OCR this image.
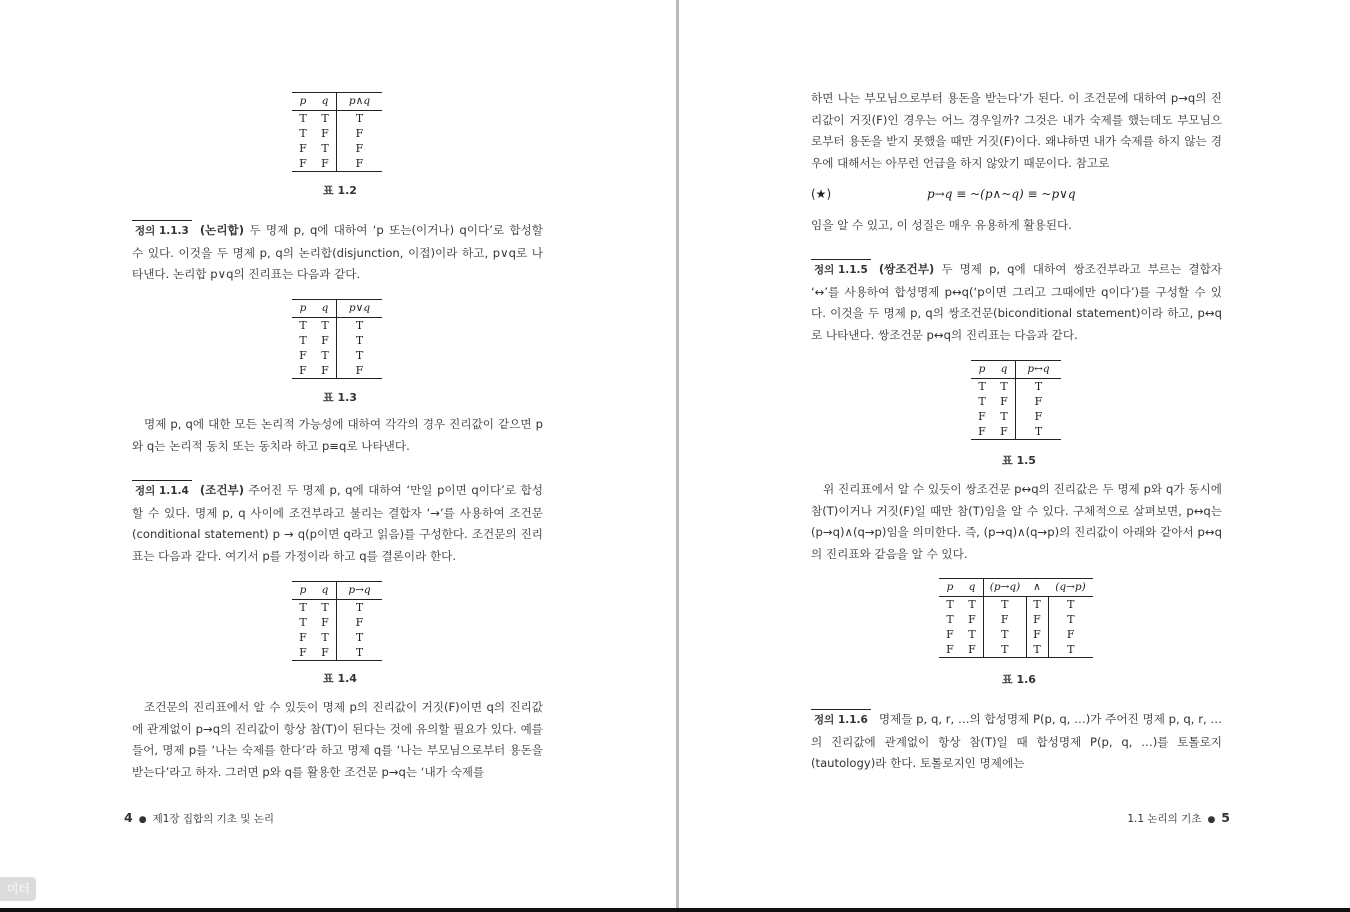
p	q	p∧q
T	T	T
T	F	F
F	T	F
F	F	F
표 1.2
정의 1.1.3 (논리합) 두 명제 p, q에 대하여 ‘p 또는(이거나) q이다’로 합성할 수 있다. 이것을 두 명제 p, q의 논리합(disjunction, 이접)이라 하고, p∨q로 나타낸다. 논리합 p∨q의 진리표는 다음과 같다.
p	q	p∨q
T	T	T
T	F	T
F	T	T
F	F	F
표 1.3
명제 p, q에 대한 모든 논리적 가능성에 대하여 각각의 경우 진리값이 같으면 p와 q는 논리적 동치 또는 동치라 하고 p≡q로 나타낸다.
정의 1.1.4 (조건부) 주어진 두 명제 p, q에 대하여 ‘만일 p이면 q이다’로 합성할 수 있다. 명제 p, q 사이에 조건부라고 불리는 결합자 ‘→’를 사용하여 조건문(conditional statement) p → q(p이면 q라고 읽음)를 구성한다. 조건문의 진리표는 다음과 같다. 여기서 p를 가정이라 하고 q를 결론이라 한다.
p	q	p→q
T	T	T
T	F	F
F	T	T
F	F	T
표 1.4
조건문의 진리표에서 알 수 있듯이 명제 p의 진리값이 거짓(F)이면 q의 진리값에 관계없이 p→q의 진리값이 항상 참(T)이 된다는 것에 유의할 필요가 있다. 예를 들어, 명제 p를 ‘나는 숙제를 한다’라 하고 명제 q를 ‘나는 부모님으로부터 용돈을 받는다’라고 하자. 그러면 p와 q를 활용한 조건문 p→q는 ‘내가 숙제를
4 ● 제1장 집합의 기초 및 논리
미터
하면 나는 부모님으로부터 용돈을 받는다’가 된다. 이 조건문에 대하여 p→q의 진리값이 거짓(F)인 경우는 어느 경우일까? 그것은 내가 숙제를 했는데도 부모님으로부터 용돈을 받지 못했을 때만 거짓(F)이다. 왜냐하면 내가 숙제를 하지 않는 경우에 대해서는 아무런 언급을 하지 않았기 때문이다. 참고로
(★)	p→q ≡ ~(p∧~q) ≡ ~p∨q
임을 알 수 있고, 이 성질은 매우 유용하게 활용된다.
정의 1.1.5 (쌍조건부) 두 명제 p, q에 대하여 쌍조건부라고 부르는 결합자 ‘↔’를 사용하여 합성명제 p↔q(‘p이면 그리고 그때에만 q이다’)를 구성할 수 있다. 이것을 두 명제 p, q의 쌍조건문(biconditional statement)이라 하고, p↔q로 나타낸다. 쌍조건문 p↔q의 진리표는 다음과 같다.
p	q	p↔q
T	T	T
T	F	F
F	T	F
F	F	T
표 1.5
위 진리표에서 알 수 있듯이 쌍조건문 p↔q의 진리값은 두 명제 p와 q가 동시에 참(T)이거나 거짓(F)일 때만 참(T)임을 알 수 있다. 구체적으로 살펴보면, p↔q는 (p→q)∧(q→p)임을 의미한다. 즉, (p→q)∧(q→p)의 진리값이 아래와 같아서 p↔q의 진리표와 같음을 알 수 있다.
p	q	(p→q)	∧	(q→p)
T	T	T	T	T
T	F	F	F	T
F	T	T	F	F
F	F	T	T	T
표 1.6
정의 1.1.6 명제들 p, q, r, …의 합성명제 P(p, q, …)가 주어진 명제 p, q, r, …의 진리값에 관계없이 항상 참(T)일 때 합성명제 P(p, q, …)를 토톨로지(tautology)라 한다. 토톨로지인 명제에는
1.1 논리의 기초 ● 5
